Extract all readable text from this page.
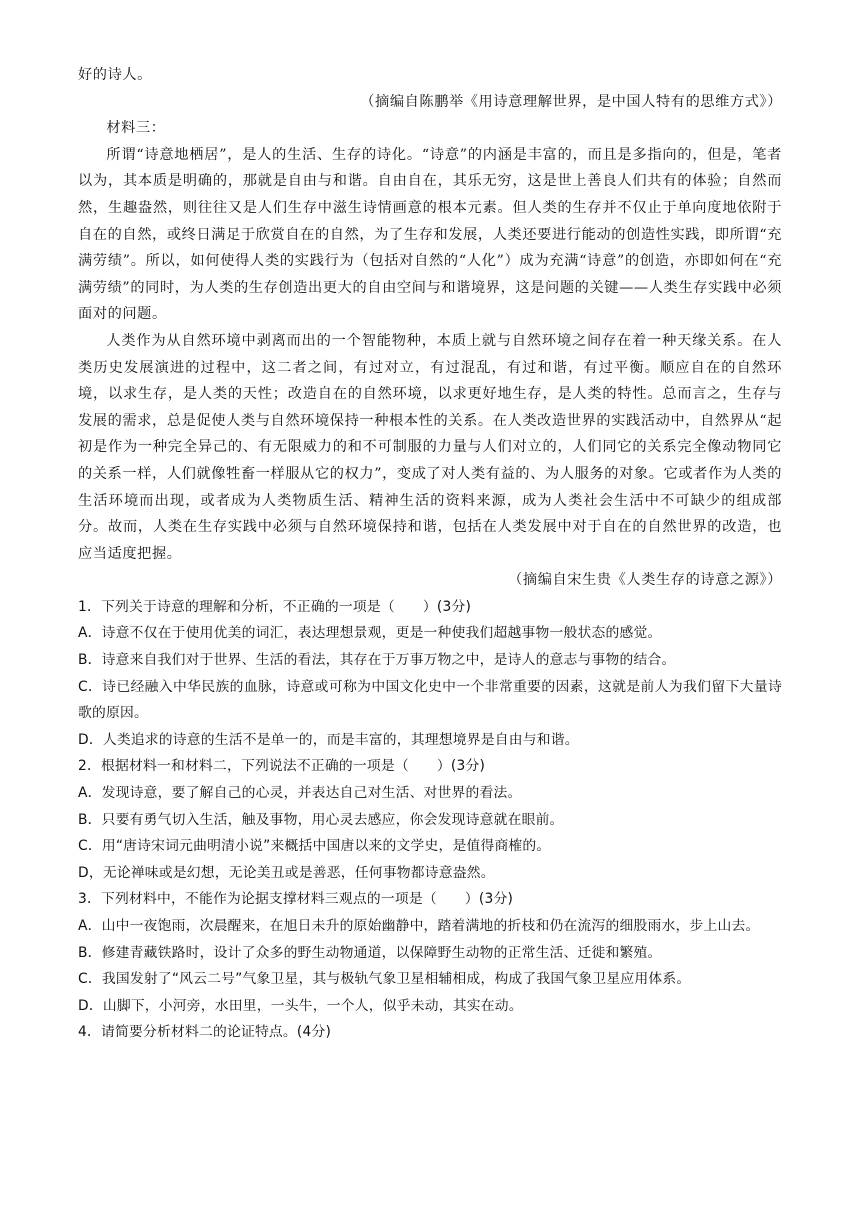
好的诗人。

（摘编自陈鹏举《用诗意理解世界，是中国人特有的思维方式》）

材料三：

所谓“诗意地栖居”，是人的生活、生存的诗化。“诗意”的内涵是丰富的，而且是多指向的，但是，笔者以为，其本质是明确的，那就是自由与和谐。自由自在，其乐无穷，这是世上善良人们共有的体验；自然而然，生趣盎然，则往往又是人们生存中滋生诗情画意的根本元素。但人类的生存并不仅止于单向度地依附于自在的自然，或终日满足于欣赏自在的自然，为了生存和发展，人类还要进行能动的创造性实践，即所谓“充满劳绩”。所以，如何使得人类的实践行为（包括对自然的“人化”）成为充满“诗意”的创造，亦即如何在“充满劳绩”的同时，为人类的生存创造出更大的自由空间与和谐境界，这是问题的关键——人类生存实践中必须面对的问题。

人类作为从自然环境中剥离而出的一个智能物种，本质上就与自然环境之间存在着一种天缘关系。在人类历史发展演进的过程中，这二者之间，有过对立，有过混乱，有过和谐，有过平衡。顺应自在的自然环境，以求生存，是人类的天性；改造自在的自然环境，以求更好地生存，是人类的特性。总而言之，生存与发展的需求，总是促使人类与自然环境保持一种根本性的关系。在人类改造世界的实践活动中，自然界从“起初是作为一种完全异己的、有无限威力的和不可制服的力量与人们对立的，人们同它的关系完全像动物同它的关系一样，人们就像牲畜一样服从它的权力”，变成了对人类有益的、为人服务的对象。它或者作为人类的生活环境而出现，或者成为人类物质生活、精神生活的资料来源，成为人类社会生活中不可缺少的组成部分。故而，人类在生存实践中必须与自然环境保持和谐，包括在人类发展中对于自在的自然世界的改造，也应当适度把握。

（摘编自宋生贵《人类生存的诗意之源》）

1．下列关于诗意的理解和分析，不正确的一项是（　　）(3分)

A．诗意不仅在于使用优美的词汇，表达理想景观，更是一种使我们超越事物一般状态的感觉。

B．诗意来自我们对于世界、生活的看法，其存在于万事万物之中，是诗人的意志与事物的结合。

C．诗已经融入中华民族的血脉，诗意或可称为中国文化史中一个非常重要的因素，这就是前人为我们留下大量诗歌的原因。

D．人类追求的诗意的生活不是单一的，而是丰富的，其理想境界是自由与和谐。

2．根据材料一和材料二，下列说法不正确的一项是（　　）(3分)

A．发现诗意，要了解自己的心灵，并表达自己对生活、对世界的看法。

B．只要有勇气切入生活，触及事物，用心灵去感应，你会发现诗意就在眼前。

C．用“唐诗宋词元曲明清小说”来概括中国唐以来的文学史，是值得商榷的。

D，无论禅味或是幻想，无论美丑或是善恶，任何事物都诗意盎然。

3．下列材料中，不能作为论据支撑材料三观点的一项是（　　）(3分)

A．山中一夜饱雨，次晨醒来，在旭日未升的原始幽静中，踏着满地的折枝和仍在流泻的细股雨水，步上山去。

B．修建青藏铁路时，设计了众多的野生动物通道，以保障野生动物的正常生活、迁徙和繁殖。

C．我国发射了“风云二号”气象卫星，其与极轨气象卫星相辅相成，构成了我国气象卫星应用体系。

D．山脚下，小河旁，水田里，一头牛，一个人，似乎未动，其实在动。

4．请简要分析材料二的论证特点。(4分)
